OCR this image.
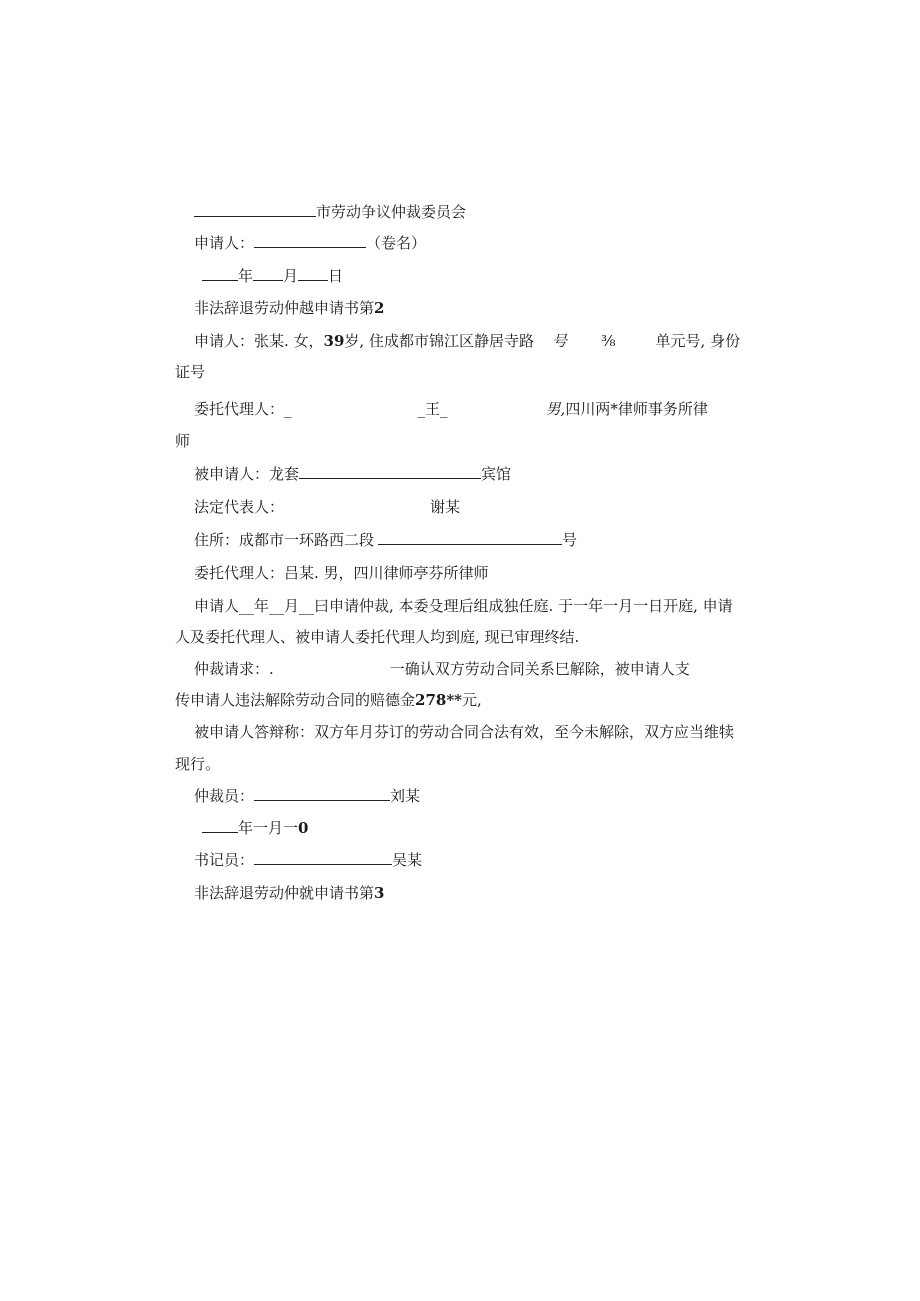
市劳动争议仲裁委员会
申请人：	（卷名）
年 月 日
非法辞退劳动仲越申请书第2
申请人：张某. 女，39岁, 住成都市锦江区静居寺路 号 ⅜	单元号, 身份
证号
委托代理人：_	_王_	男,四川两*律师事务所律
师
被申请人：龙套	宾馆
法定代表人：	谢某
住所：成都市一环路西二段	号
委托代理人：吕某. 男，四川律师亭芬所律师
申请人__年__月__曰申请仲裁, 本委殳理后组成独任庭. 于一年一月一日开庭, 申请
人及委托代理人、被申请人委托代理人均到庭, 现已审理终结.
仲裁请求：.	一确认双方劳动合同关系巳解除，被申请人支
传申请人违法解除劳动合同的赔德金278**元,
被申请人答辩称：双方年月芬订的劳动合同合法有效，至今未解除，双方应当维犊
现行。
仲裁员：	刘某
年一月一0
书记员：	吴某
非法辞退劳动仲就申请书第3
